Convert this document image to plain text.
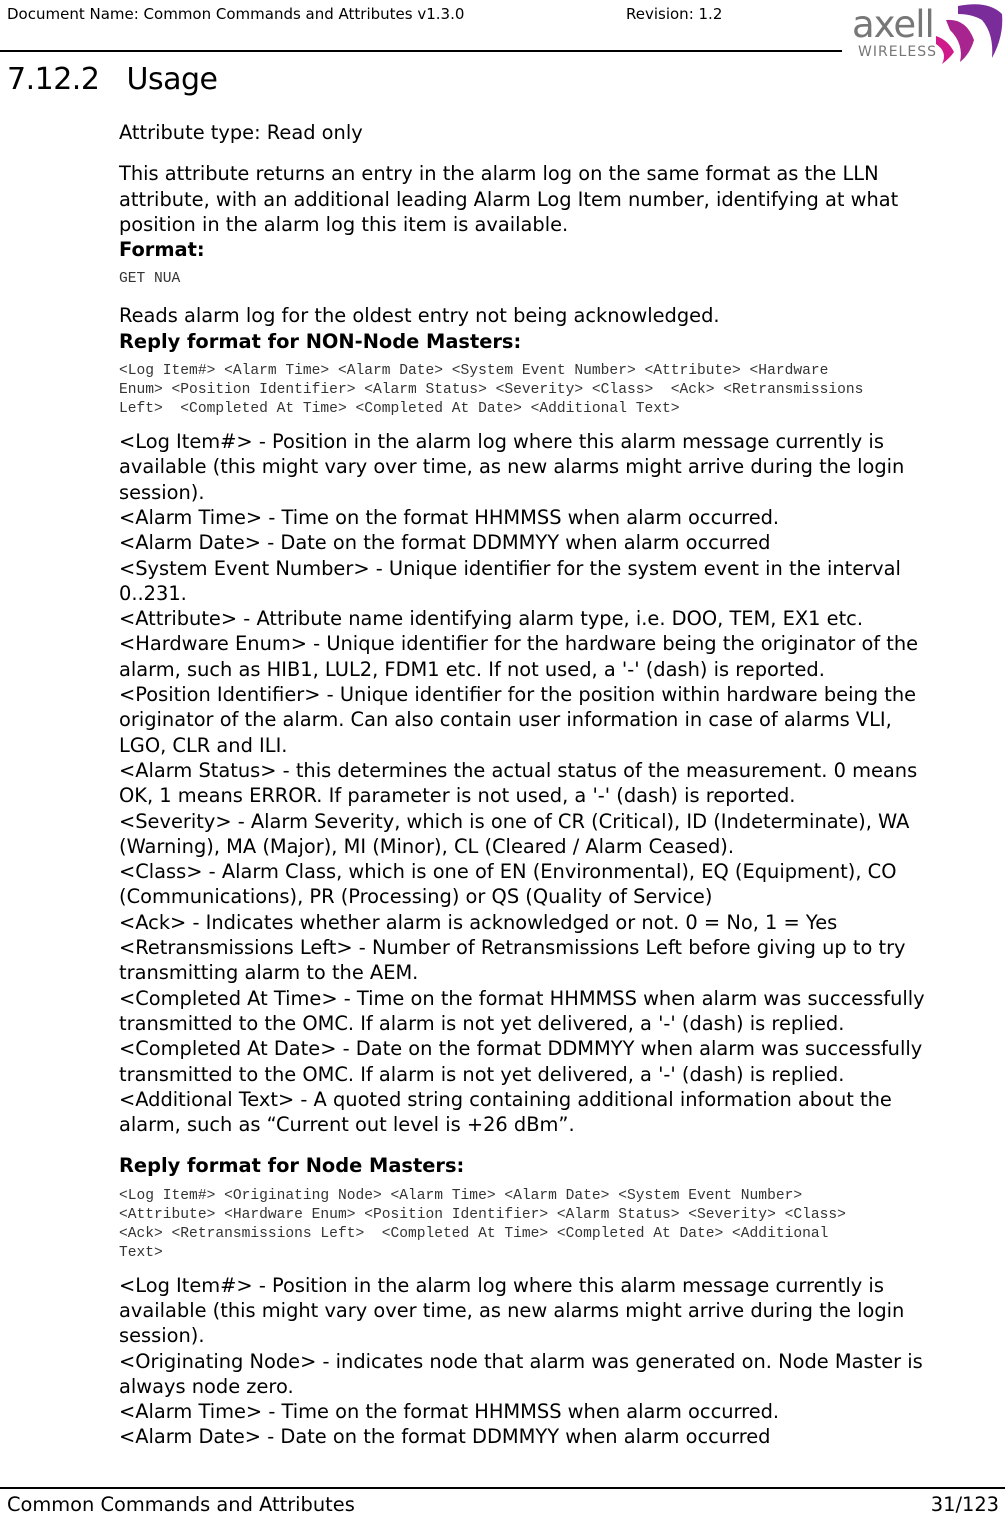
Document Name: Common Commands and Attributes v1.3.0	Revision: 1.2	axell
WIRELESS
7.12.2 Usage

Attribute type: Read only

This attribute returns an entry in the alarm log on the same format as the LLN

attribute, with an additional leading Alarm Log Item number, identifying at what

position in the alarm log this item is available.

Format:

GET NUA

Reads alarm log for the oldest entry not being acknowledged.

Reply format for NON-Node Masters:

<Log Item#> <Alarm Time> <Alarm Date> <System Event Number> <Attribute> <Hardware

Enum> <Position Identifier> <Alarm Status> <Severity> <Class>  <Ack> <Retransmissions

Left>  <Completed At Time> <Completed At Date> <Additional Text>

<Log Item#> - Position in the alarm log where this alarm message currently is

available (this might vary over time, as new alarms might arrive during the login

session).

<Alarm Time> - Time on the format HHMMSS when alarm occurred.

<Alarm Date> - Date on the format DDMMYY when alarm occurred

<System Event Number> - Unique identifier for the system event in the interval

0..231.

<Attribute> - Attribute name identifying alarm type, i.e. DOO, TEM, EX1 etc.

<Hardware Enum> - Unique identifier for the hardware being the originator of the

alarm, such as HIB1, LUL2, FDM1 etc. If not used, a '-' (dash) is reported.

<Position Identifier> - Unique identifier for the position within hardware being the

originator of the alarm. Can also contain user information in case of alarms VLI,

LGO, CLR and ILI.

<Alarm Status> - this determines the actual status of the measurement. 0 means

OK, 1 means ERROR. If parameter is not used, a '-' (dash) is reported.

<Severity> - Alarm Severity, which is one of CR (Critical), ID (Indeterminate), WA

(Warning), MA (Major), MI (Minor), CL (Cleared / Alarm Ceased).

<Class> - Alarm Class, which is one of EN (Environmental), EQ (Equipment), CO

(Communications), PR (Processing) or QS (Quality of Service)

<Ack> - Indicates whether alarm is acknowledged or not. 0 = No, 1 = Yes

<Retransmissions Left> - Number of Retransmissions Left before giving up to try

transmitting alarm to the AEM.

<Completed At Time> - Time on the format HHMMSS when alarm was successfully

transmitted to the OMC. If alarm is not yet delivered, a '-' (dash) is replied.

<Completed At Date> - Date on the format DDMMYY when alarm was successfully

transmitted to the OMC. If alarm is not yet delivered, a '-' (dash) is replied.

<Additional Text> - A quoted string containing additional information about the

alarm, such as “Current out level is +26 dBm”.

Reply format for Node Masters:

<Log Item#> <Originating Node> <Alarm Time> <Alarm Date> <System Event Number>

<Attribute> <Hardware Enum> <Position Identifier> <Alarm Status> <Severity> <Class>

<Ack> <Retransmissions Left>  <Completed At Time> <Completed At Date> <Additional

Text>

<Log Item#> - Position in the alarm log where this alarm message currently is

available (this might vary over time, as new alarms might arrive during the login

session).

<Originating Node> - indicates node that alarm was generated on. Node Master is

always node zero.

<Alarm Time> - Time on the format HHMMSS when alarm occurred.

<Alarm Date> - Date on the format DDMMYY when alarm occurred

Common Commands and Attributes	31/123
